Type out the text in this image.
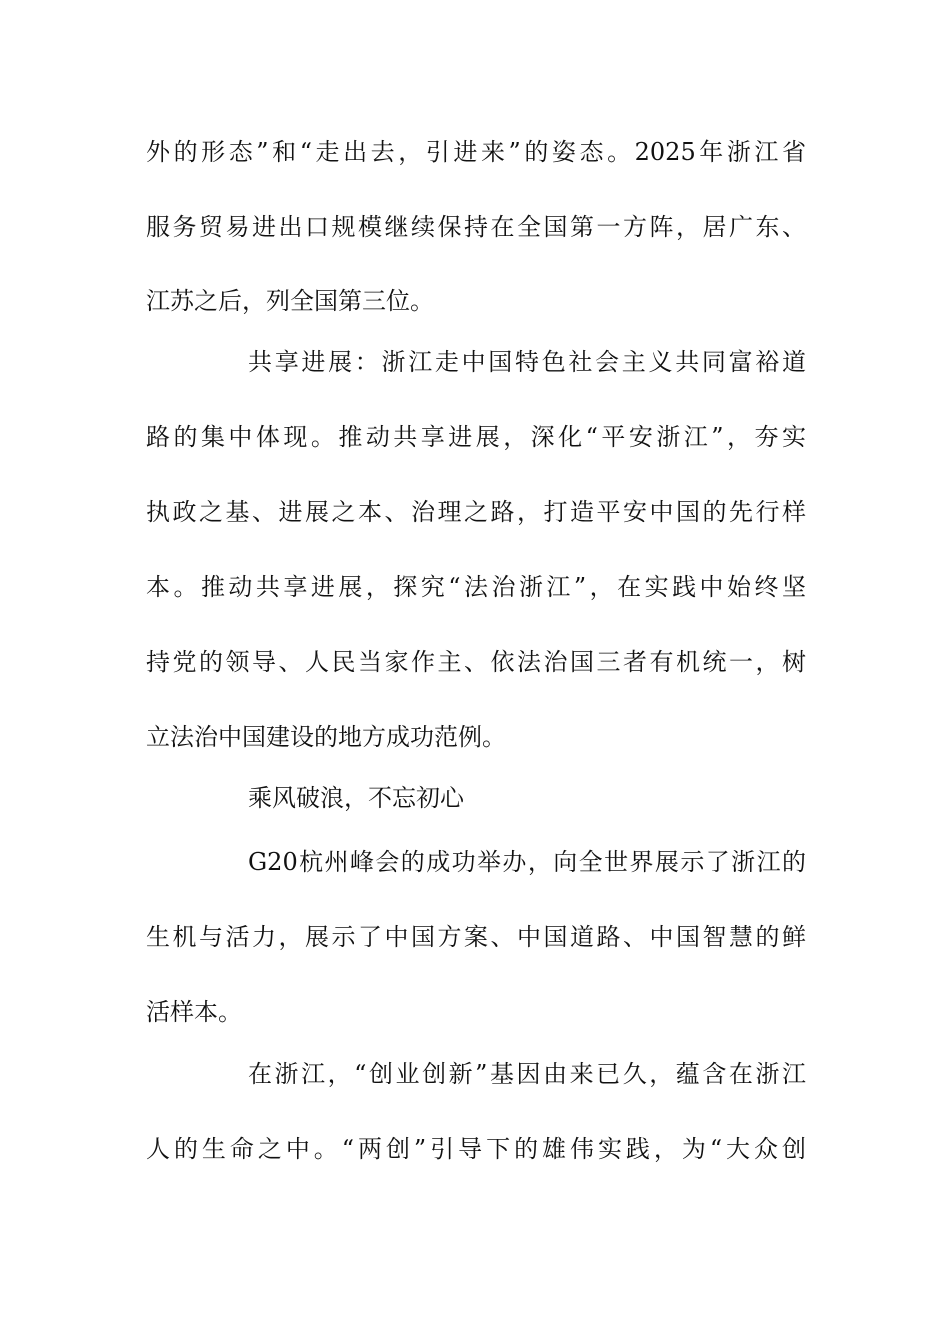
外的形态”和“走出去，引进来”的姿态。2025年浙江省

服务贸易进出口规模继续保持在全国第一方阵，居广东、

江苏之后，列全国第三位。

共享进展：浙江走中国特色社会主义共同富裕道

路的集中体现。推动共享进展，深化“平安浙江”，夯实

执政之基、进展之本、治理之路，打造平安中国的先行样

本。推动共享进展，探究“法治浙江”，在实践中始终坚

持党的领导、人民当家作主、依法治国三者有机统一，树

立法治中国建设的地方成功范例。

乘风破浪，不忘初心

G20杭州峰会的成功举办，向全世界展示了浙江的

生机与活力，展示了中国方案、中国道路、中国智慧的鲜

活样本。

在浙江，“创业创新”基因由来已久，蕴含在浙江

人的生命之中。“两创”引导下的雄伟实践，为“大众创
